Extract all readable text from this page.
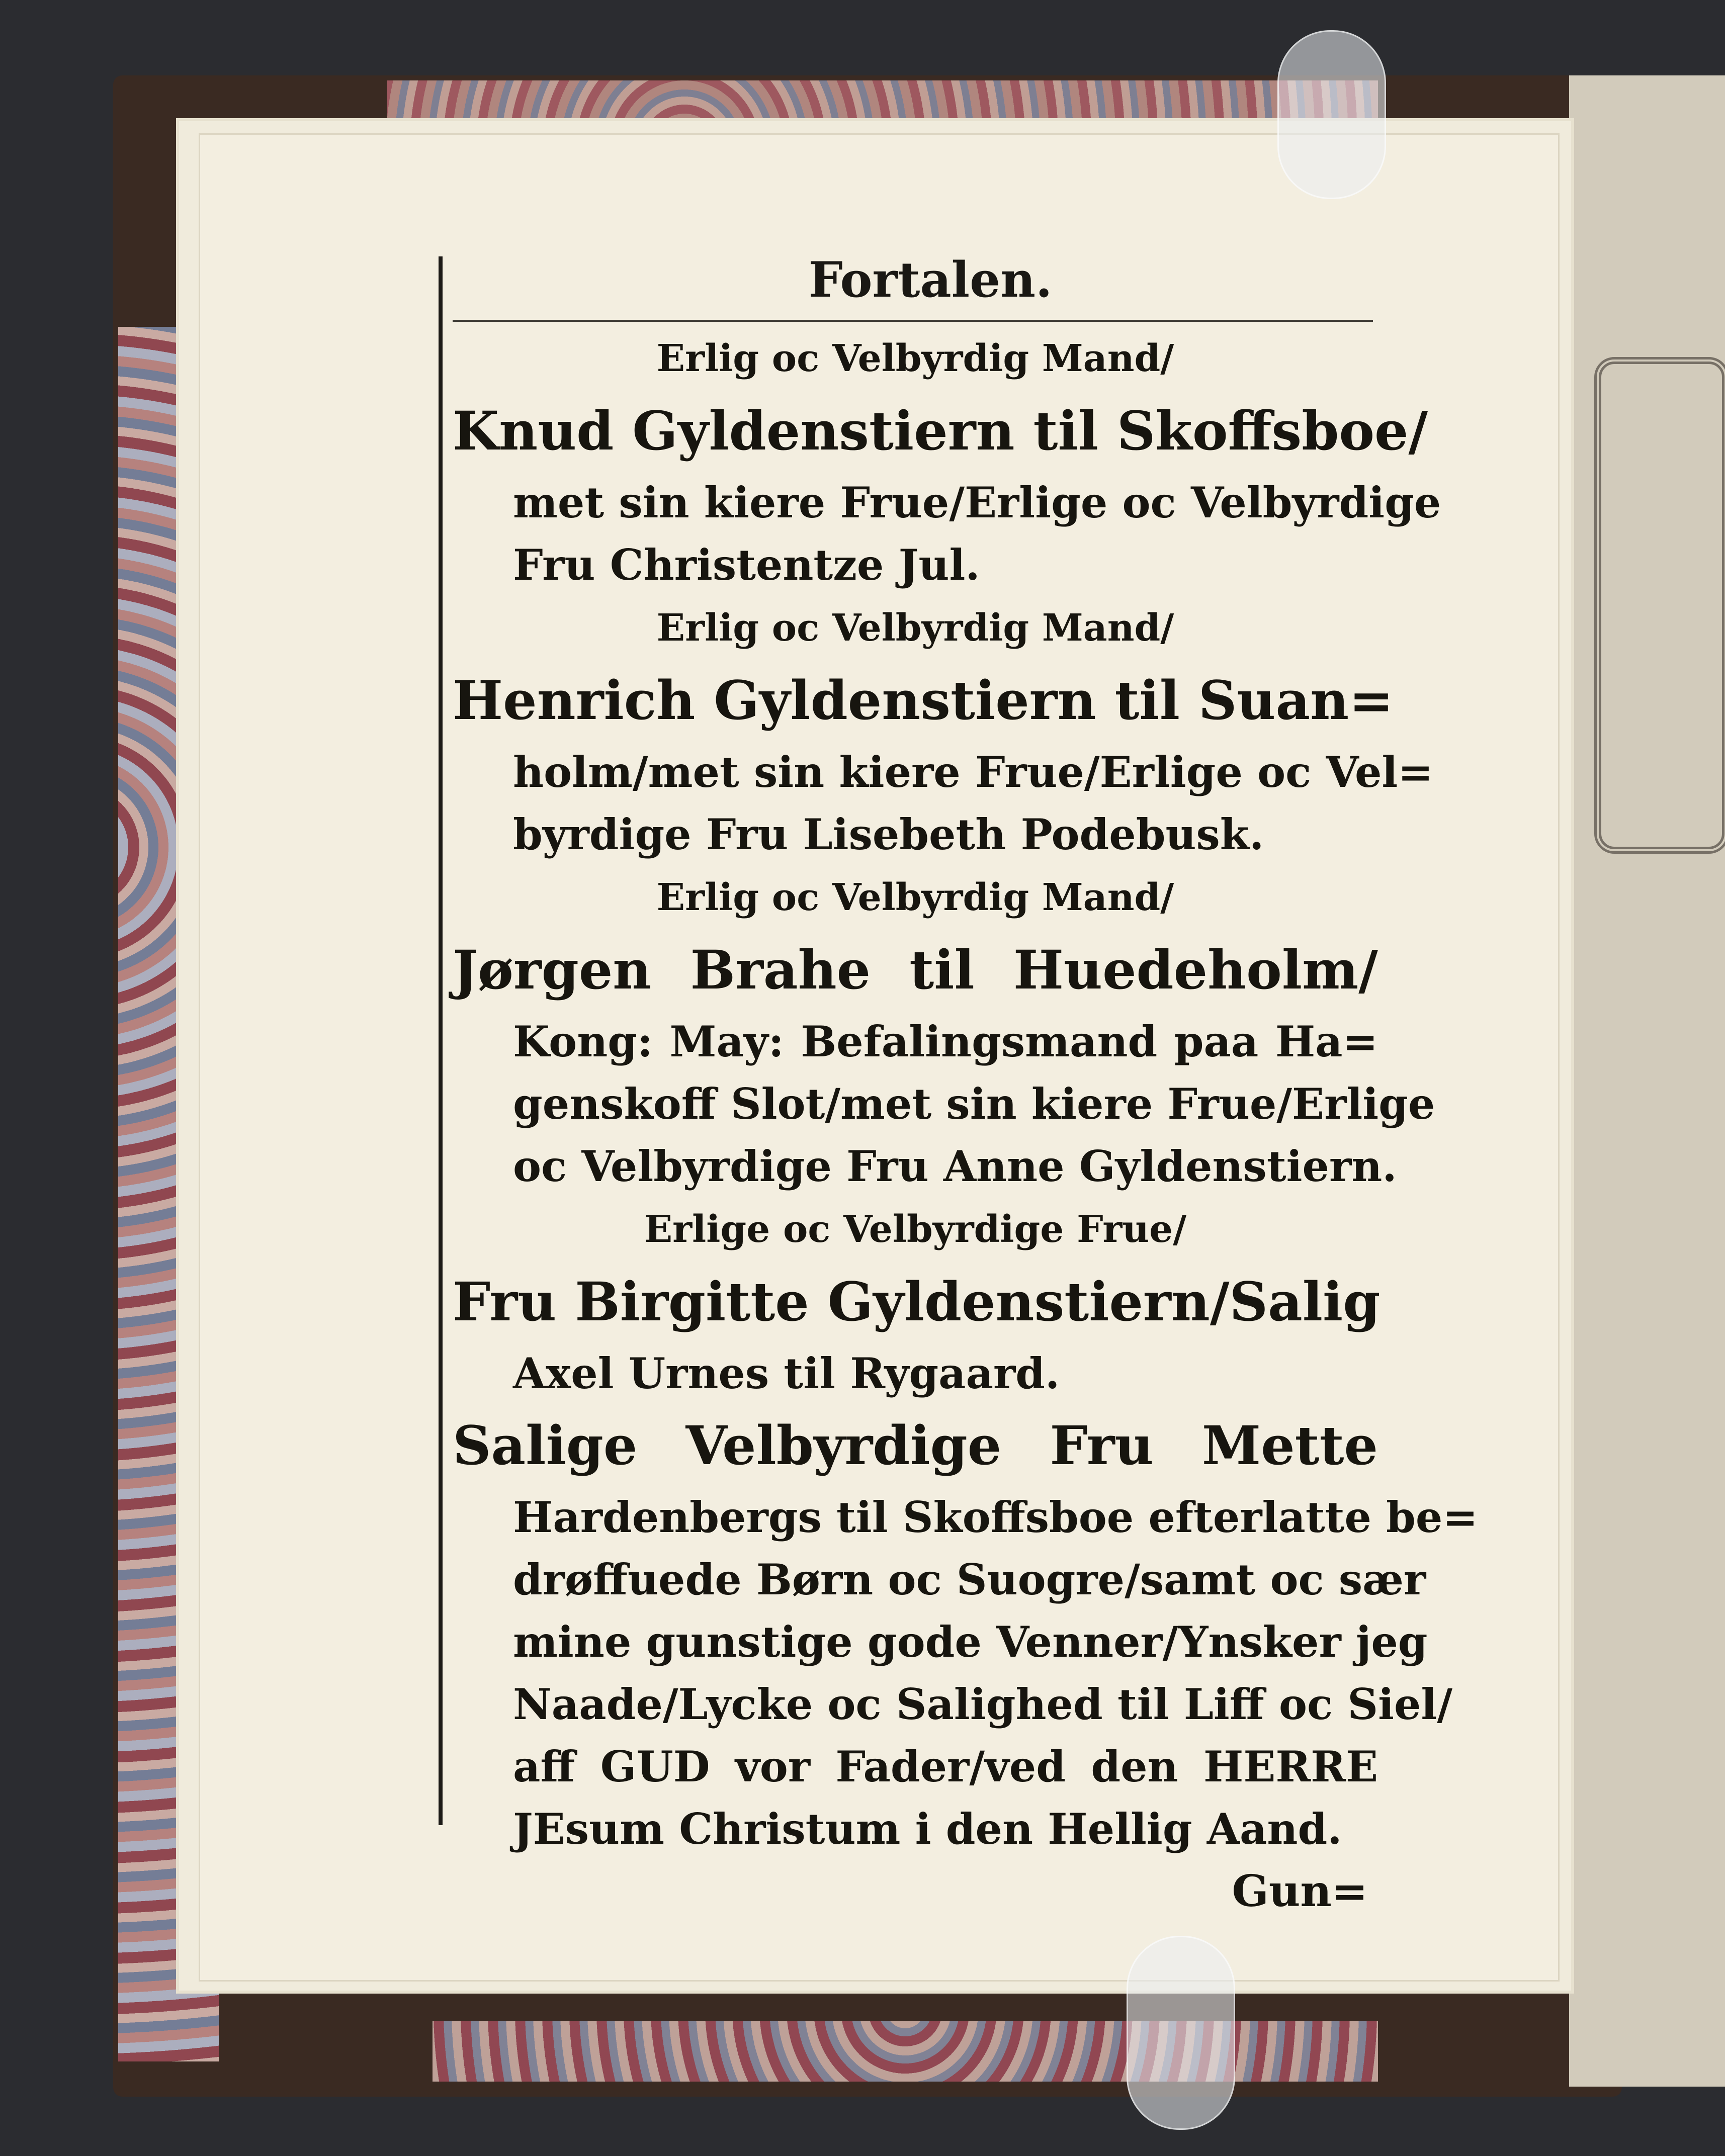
Fortalen.

Erlig oc Velbyrdig Mand/

Knud Gyldenstiern til Skoffsboe/

met sin kiere Frue/Erlige oc Velbyrdige

Fru Christentze Jul.

Erlig oc Velbyrdig Mand/

Henrich Gyldenstiern til Suan=

holm/met sin kiere Frue/Erlige oc Vel=

byrdige Fru Lisebeth Podebusk.

Erlig oc Velbyrdig Mand/

Jørgen Brahe til Huedeholm/

Kong: May: Befalingsmand paa Ha=

genskoff Slot/met sin kiere Frue/Erlige

oc Velbyrdige Fru Anne Gyldenstiern.

Erlige oc Velbyrdige Frue/

Fru Birgitte Gyldenstiern/Salig

Axel Urnes til Rygaard.

Salige Velbyrdige Fru Mette

Hardenbergs til Skoffsboe efterlatte be=

drøffuede Børn oc Suogre/samt oc sær

mine gunstige gode Venner/Ynsker jeg

Naade/Lycke oc Salighed til Liff oc Siel/

aff GUD vor Fader/ved den HERRE

JEsum Christum i den Hellig Aand.

Gun=
